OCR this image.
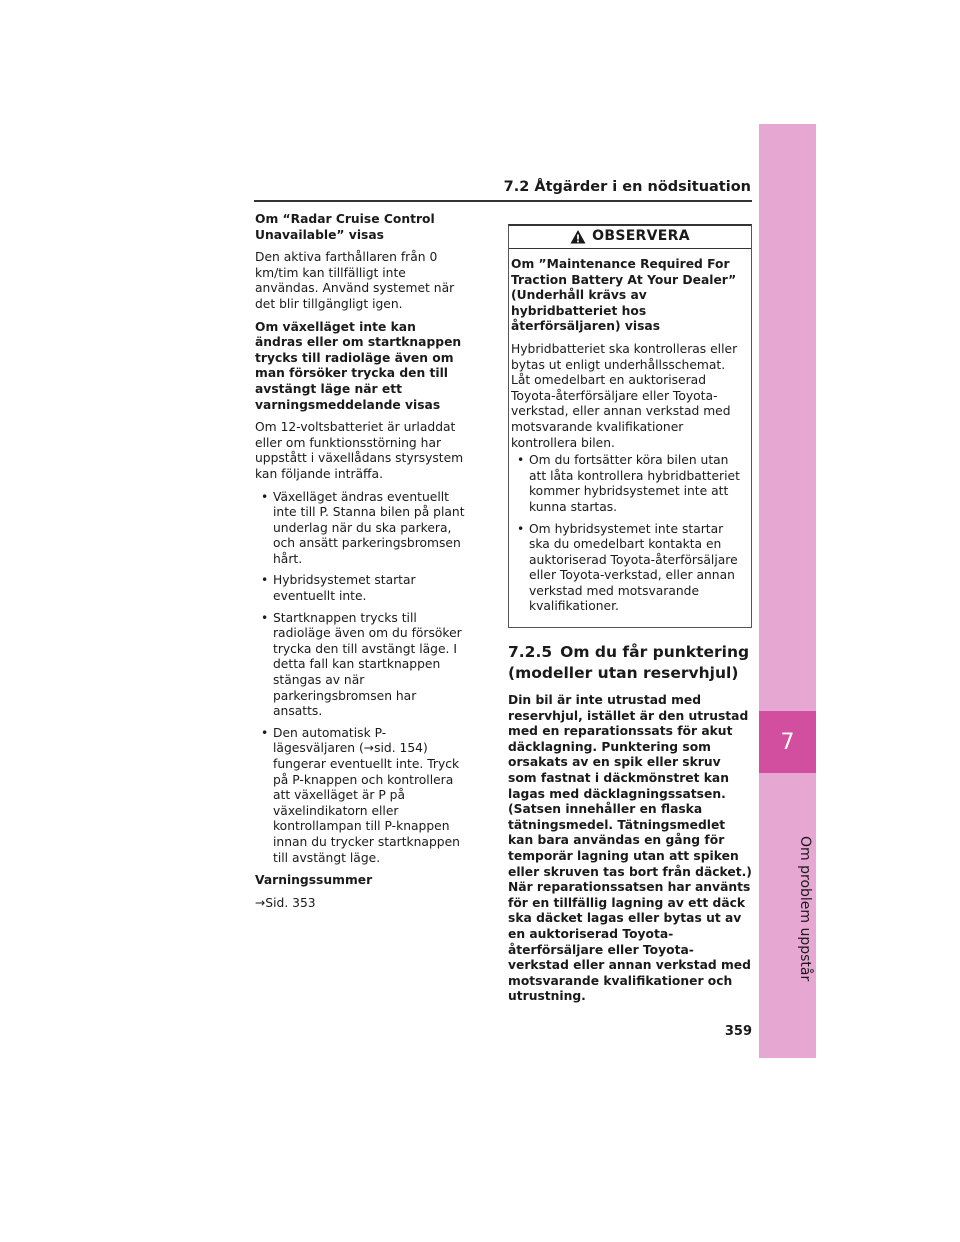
7
Om problem uppstår
7.2 Åtgärder i en nödsituation

Om “Radar Cruise Control Unavailable” visas

Den aktiva farthållaren från 0 km/tim kan tillfälligt inte användas. Använd systemet när det blir tillgängligt igen.

Om växelläget inte kan ändras eller om startknappen trycks till radioläge även om man försöker trycka den till avstängt läge när ett varningsmeddelande visas

Om 12-voltsbatteriet är urladdat eller om funktionsstörning har uppstått i växellådans styrsystem kan följande inträffa.

• Växelläget ändras eventuellt inte till P. Stanna bilen på plant underlag när du ska parkera, och ansätt parkeringsbromsen hårt.
• Hybridsystemet startar eventuellt inte.
• Startknappen trycks till radioläge även om du försöker trycka den till avstängt läge. I detta fall kan startknappen stängas av när parkeringsbromsen har ansatts.
• Den automatisk P-lägesväljaren (→sid. 154) fungerar eventuellt inte. Tryck på P-knappen och kontrollera att växelläget är P på växelindikatorn eller kontrollampan till P-knappen innan du trycker startknappen till avstängt läge.

Varningssummer

→Sid. 353

OBSERVERA

Om ”Maintenance Required For Traction Battery At Your Dealer” (Underhåll krävs av hybridbatteriet hos återförsäljaren) visas

Hybridbatteriet ska kontrolleras eller bytas ut enligt underhållsschemat. Låt omedelbart en auktoriserad Toyota-återförsäljare eller Toyota-verkstad, eller annan verkstad med motsvarande kvalifikationer kontrollera bilen.

• Om du fortsätter köra bilen utan att låta kontrollera hybridbatteriet kommer hybridsystemet inte att kunna startas.
• Om hybridsystemet inte startar ska du omedelbart kontakta en auktoriserad Toyota-återförsäljare eller Toyota-verkstad, eller annan verkstad med motsvarande kvalifikationer.
7.2.5 Om du får punktering (modeller utan reservhjul)

Din bil är inte utrustad med reservhjul, istället är den utrustad med en reparationssats för akut däcklagning. Punktering som orsakats av en spik eller skruv som fastnat i däckmönstret kan lagas med däcklagningssatsen. (Satsen innehåller en flaska tätningsmedel. Tätningsmedlet kan bara användas en gång för temporär lagning utan att spiken eller skruven tas bort från däcket.) När reparationssatsen har använts för en tillfällig lagning av ett däck ska däcket lagas eller bytas ut av en auktoriserad Toyota-återförsäljare eller Toyota-verkstad eller annan verkstad med motsvarande kvalifikationer och utrustning.

359
